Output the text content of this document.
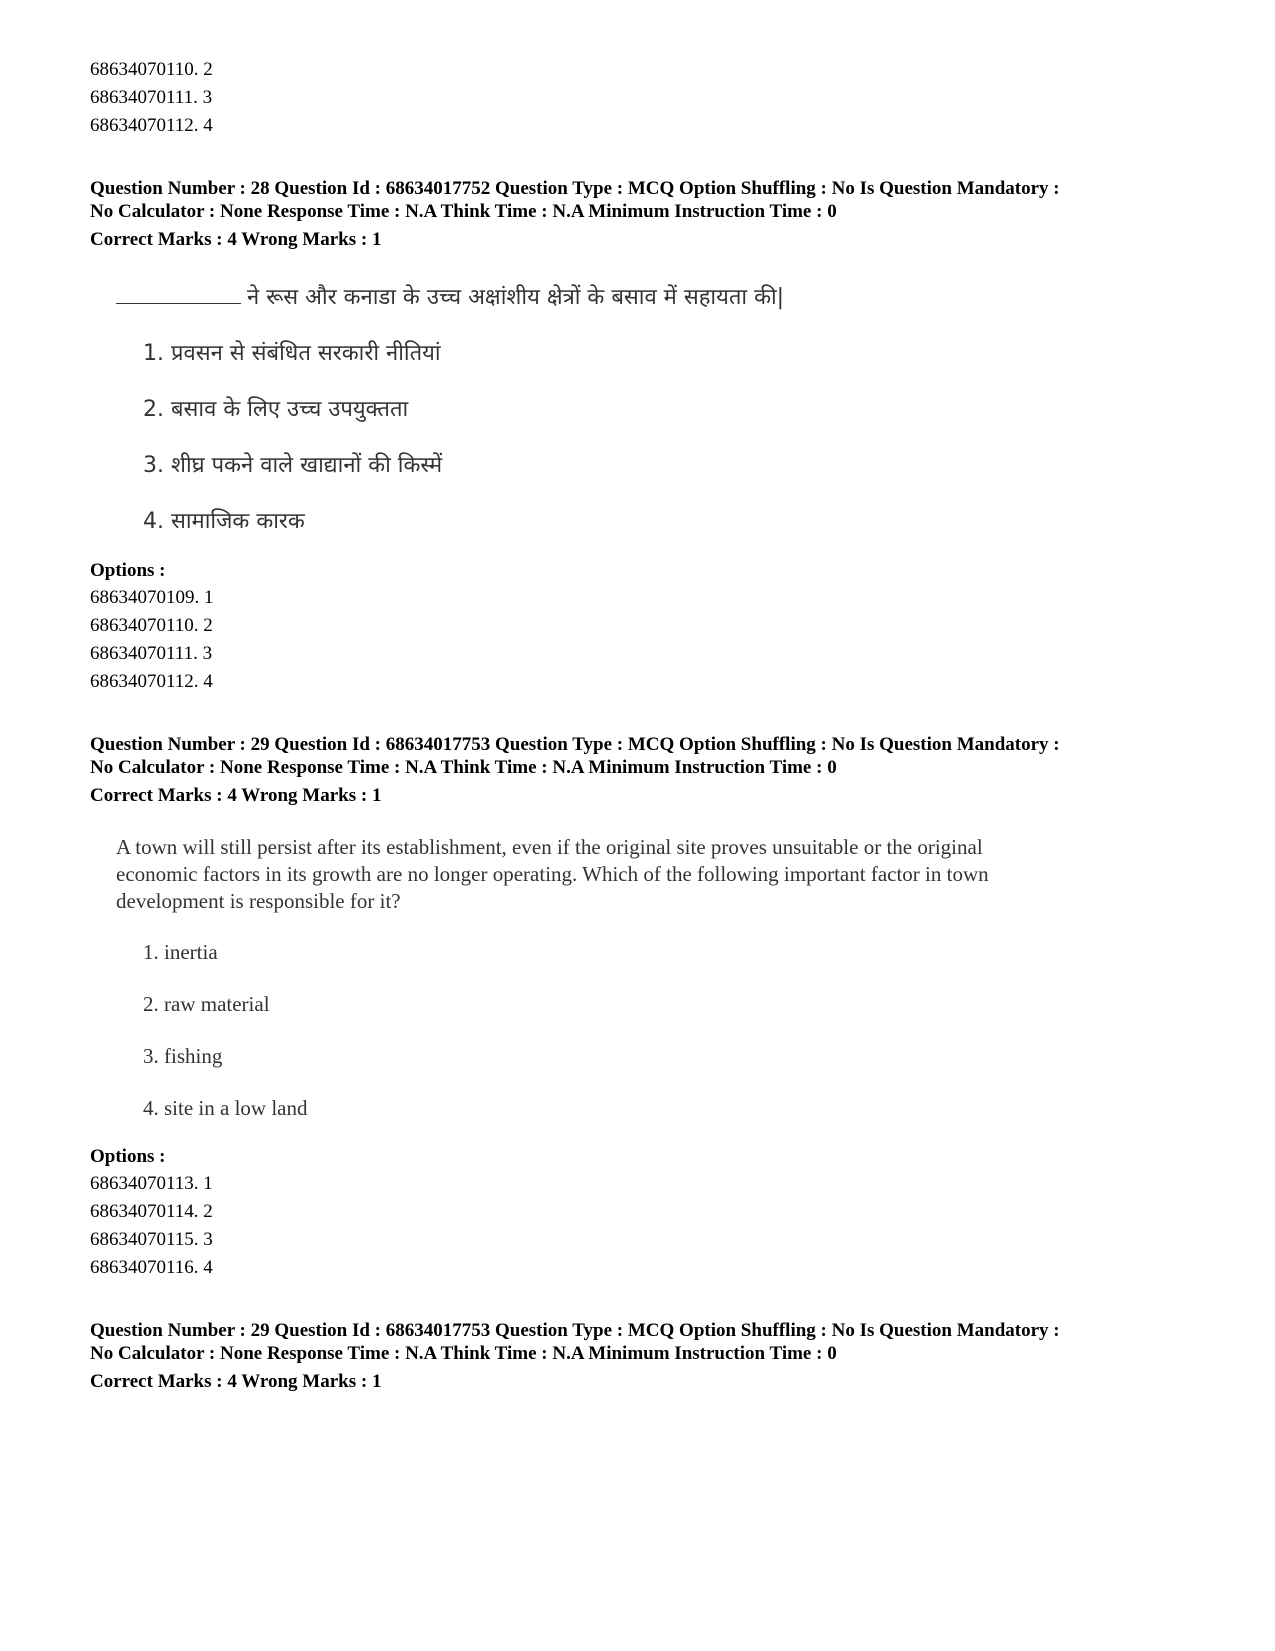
68634070110. 2
68634070111. 3
68634070112. 4
Question Number : 28 Question Id : 68634017752 Question Type : MCQ Option Shuffling : No Is Question Mandatory :
No Calculator : None Response Time : N.A Think Time : N.A Minimum Instruction Time : 0
Correct Marks : 4 Wrong Marks : 1
ने रूस और कनाडा के उच्च अक्षांशीय क्षेत्रों के बसाव में सहायता की|
1. प्रवसन से संबंधित सरकारी नीतियां
2. बसाव के लिए उच्च उपयुक्तता
3. शीघ्र पकने वाले खाद्यानों की किस्में
4. सामाजिक कारक
Options :
68634070109. 1
68634070110. 2
68634070111. 3
68634070112. 4
Question Number : 29 Question Id : 68634017753 Question Type : MCQ Option Shuffling : No Is Question Mandatory :
No Calculator : None Response Time : N.A Think Time : N.A Minimum Instruction Time : 0
Correct Marks : 4 Wrong Marks : 1
A town will still persist after its establishment, even if the original site proves unsuitable or the original
economic factors in its growth are no longer operating. Which of the following important factor in town
development is responsible for it?
1. inertia
2. raw material
3. fishing
4. site in a low land
Options :
68634070113. 1
68634070114. 2
68634070115. 3
68634070116. 4
Question Number : 29 Question Id : 68634017753 Question Type : MCQ Option Shuffling : No Is Question Mandatory :
No Calculator : None Response Time : N.A Think Time : N.A Minimum Instruction Time : 0
Correct Marks : 4 Wrong Marks : 1
